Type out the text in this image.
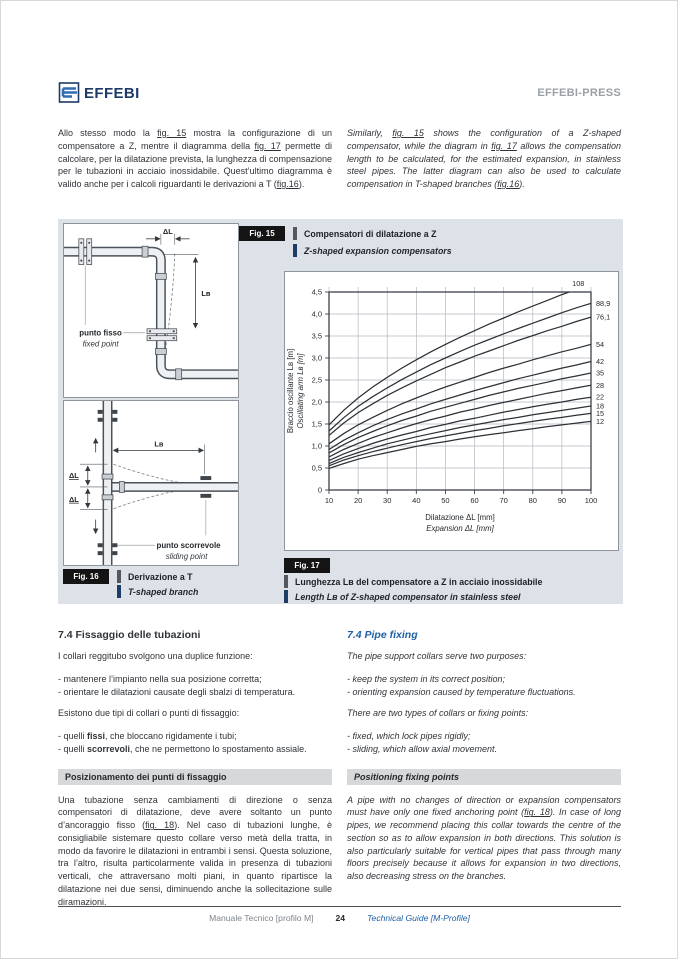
EFFEBI	EFFEBI-PRESS

Allo stesso modo la fig. 15 mostra la configurazione di un compensatore a Z, mentre il diagramma della fig. 17 permette di calcolare, per la dilatazione prevista, la lunghezza di compensazione per le tubazioni in acciaio inossidabile. Quest’ultimo diagramma è valido anche per i calcoli riguardanti le derivazioni a T (fig.16).

Similarly, fig. 15 shows the configuration of a Z-shaped compensator, while the diagram in fig. 17 allows the compensation length to be calculated, for the estimated expansion, in stainless steel pipes. The latter diagram can also be used to calculate compensation in T-shaped branches (fig.16).

ΔL
Lʙ
punto fisso
fixed point
Fig. 15	Compensatori di dilatazione a Z
Z-shaped expansion compensators
0
0,5
1,0
1,5
2,0
2,5
3,0
3,5
4,0
4,5
10	20	30	40	50	60	70	80	90 100
108
88,9
76,1
54
42
35
28
22
18
15
12
Dilatazione ΔL [mm]
Expansion ΔL [mm]
Braccio oscillante Lʙ [m] Oscillating arm Lʙ [m]
ΔL
ΔL
Lʙ
punto scorrevole
sliding point
Fig. 16	Derivazione a T
T-shaped branch
Fig. 17
Lunghezza Lʙ del compensatore a Z in acciaio inossidabile
Length Lʙ of Z-shaped compensator in stainless steel
7.4 Fissaggio delle tubazioni

I collari reggitubo svolgono una duplice funzione:

- mantenere l’impianto nella sua posizione corretta;
- orientare le dilatazioni causate degli sbalzi di temperatura.

Esistono due tipi di collari o punti di fissaggio:

- quelli fissi, che bloccano rigidamente i tubi;
- quelli scorrevoli, che ne permettono lo spostamento assiale.
Posizionamento dei punti di fissaggio

Una tubazione senza cambiamenti di direzione o senza compensatori di dilatazione, deve avere soltanto un punto d’ancoraggio fisso (fig. 18). Nel caso di tubazioni lunghe, è consigliabile sistemare questo collare verso metà della tratta, in modo da favorire le dilatazioni in entrambi i sensi. Questa soluzione, tra l’altro, risulta particolarmente valida in presenza di tubazioni verticali, che attraversano molti piani, in quanto ripartisce la dilatazione nei due sensi, diminuendo anche la sollecitazione sulle diramazioni.

7.4 Pipe fixing

The pipe support collars serve two purposes:

- keep the system in its correct position;
- orienting expansion caused by temperature fluctuations.

There are two types of collars or fixing points:

- fixed, which lock pipes rigidly;
- sliding, which allow axial movement.
Positioning fixing points

A pipe with no changes of direction or expansion compensators must have only one fixed anchoring point (fig. 18). In case of long pipes, we recommend placing this collar towards the centre of the section so as to allow expansion in both directions. This solution is also particularly suitable for vertical pipes that pass through many floors precisely because it allows for expansion in two directions, also decreasing stress on the branches.

Manuale Tecnico [profilo M]	24	Technical Guide [M-Profile]
